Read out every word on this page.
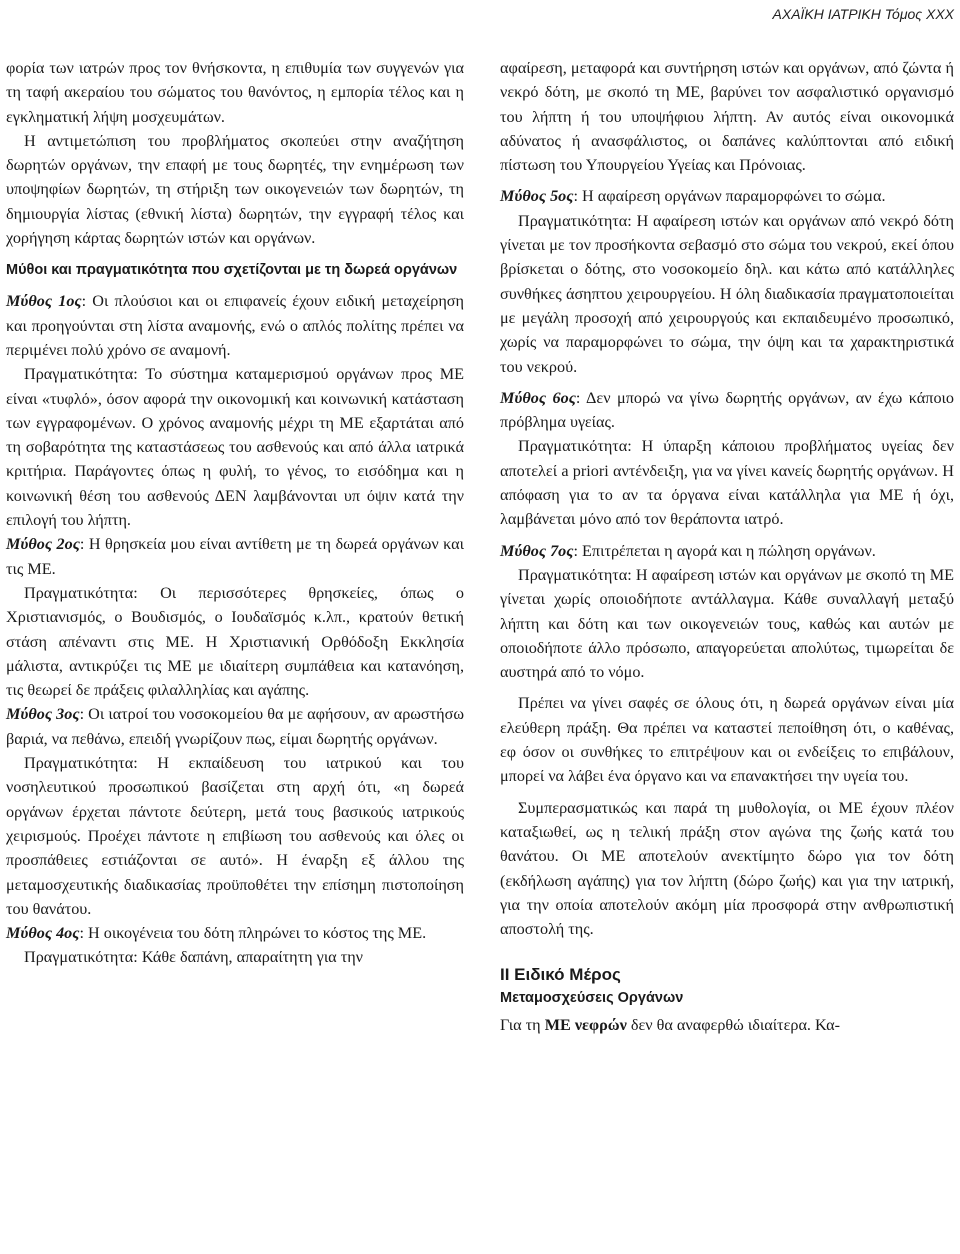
ΑΧΑΪΚΗ ΙΑΤΡΙΚΗ Τόμος ΧΧΧ

φορία των ιατρών προς τον θνήσκοντα, η επιθυμία των συγγενών για τη ταφή ακεραίου του σώματος του θανόντος, η εμπορία τέλος και η εγκληματική λήψη μοσχευμάτων.

Η αντιμετώπιση του προβλήματος σκοπεύει στην αναζήτηση δωρητών οργάνων, την επαφή με τους δωρητές, την ενημέρωση των υποψηφίων δωρητών, τη στήριξη των οικογενειών των δωρητών, τη δημιουργία λίστας (εθνική λίστα) δωρητών, την εγγραφή τέλος και χορήγηση κάρτας δωρητών ιστών και οργάνων.

Μύθοι και πραγματικότητα που σχετίζονται με τη δωρεά οργάνων

Μύθος 1ος: Οι πλούσιοι και οι επιφανείς έχουν ειδική μεταχείρηση και προηγούνται στη λίστα αναμονής, ενώ ο απλός πολίτης πρέπει να περιμένει πολύ χρόνο σε αναμονή.

Πραγματικότητα: Το σύστημα καταμερισμού οργάνων προς ΜΕ είναι «τυφλό», όσον αφορά την οικονομική και κοινωνική κατάσταση των εγγραφομένων. Ο χρόνος αναμονής μέχρι τη ΜΕ εξαρτάται από τη σοβαρότητα της καταστάσεως του ασθενούς και από άλλα ιατρικά κριτήρια. Παράγοντες όπως η φυλή, το γένος, το εισόδημα και η κοινωνική θέση του ασθενούς ΔΕΝ λαμβάνονται υπ όψιν κατά την επιλογή του λήπτη.

Μύθος 2ος: Η θρησκεία μου είναι αντίθετη με τη δωρεά οργάνων και τις ΜΕ.

Πραγματικότητα: Οι περισσότερες θρησκείες, όπως ο Χριστιανισμός, ο Βουδισμός, ο Ιουδαϊσμός κ.λπ., κρατούν θετική στάση απέναντι στις ΜΕ. Η Χριστιανική Ορθόδοξη Εκκλησία μάλιστα, αντικρύζει τις ΜΕ με ιδιαίτερη συμπάθεια και κατανόηση, τις θεωρεί δε πράξεις φιλαλληλίας και αγάπης.

Μύθος 3ος: Οι ιατροί του νοσοκομείου θα με αφήσουν, αν αρωστήσω βαριά, να πεθάνω, επειδή γνωρίζουν πως, είμαι δωρητής οργάνων.

Πραγματικότητα: Η εκπαίδευση του ιατρικού και του νοσηλευτικού προσωπικού βασίζεται στη αρχή ότι, «η δωρεά οργάνων έρχεται πάντοτε δεύτερη, μετά τους βασικούς ιατρικούς χειρισμούς. Προέχει πάντοτε η επιβίωση του ασθενούς και όλες οι προσπάθειες εστιάζονται σε αυτό». Η έναρξη εξ άλλου της μεταμοσχευτικής διαδικασίας προϋποθέτει την επίσημη πιστοποίηση του θανάτου.

Μύθος 4ος: Η οικογένεια του δότη πληρώνει το κόστος της ΜΕ.

Πραγματικότητα: Κάθε δαπάνη, απαραίτητη για την

αφαίρεση, μεταφορά και συντήρηση ιστών και οργάνων, από ζώντα ή νεκρό δότη, με σκοπό τη ΜΕ, βαρύνει τον ασφαλιστικό οργανισμό του λήπτη ή του υποψήφιου λήπτη. Αν αυτός είναι οικονομικά αδύνατος ή ανασφάλιστος, οι δαπάνες καλύπτονται από ειδική πίστωση του Υπουργείου Υγείας και Πρόνοιας.

Μύθος 5ος: Η αφαίρεση οργάνων παραμορφώνει το σώμα.

Πραγματικότητα: Η αφαίρεση ιστών και οργάνων από νεκρό δότη γίνεται με τον προσήκοντα σεβασμό στο σώμα του νεκρού, εκεί όπου βρίσκεται ο δότης, στο νοσοκομείο δηλ. και κάτω από κατάλληλες συνθήκες άσηπτου χειρουργείου. Η όλη διαδικασία πραγματοποιείται με μεγάλη προσοχή από χειρουργούς και εκπαιδευμένο προσωπικό, χωρίς να παραμορφώνει το σώμα, την όψη και τα χαρακτηριστικά του νεκρού.

Μύθος 6ος: Δεν μπορώ να γίνω δωρητής οργάνων, αν έχω κάποιο πρόβλημα υγείας.

Πραγματικότητα: Η ύπαρξη κάποιου προβλήματος υγείας δεν αποτελεί a priori αντένδειξη, για να γίνει κανείς δωρητής οργάνων. Η απόφαση για το αν τα όργανα είναι κατάλληλα για ΜΕ ή όχι, λαμβάνεται μόνο από τον θεράποντα ιατρό.

Μύθος 7ος: Επιτρέπεται η αγορά και η πώληση οργάνων.

Πραγματικότητα: Η αφαίρεση ιστών και οργάνων με σκοπό τη ΜΕ γίνεται χωρίς οποιοδήποτε αντάλλαγμα. Κάθε συναλλαγή μεταξύ λήπτη και δότη και των οικογενειών τους, καθώς και αυτών με οποιοδήποτε άλλο πρόσωπο, απαγορεύεται απολύτως, τιμωρείται δε αυστηρά από το νόμο.

Πρέπει να γίνει σαφές σε όλους ότι, η δωρεά οργάνων είναι μία ελεύθερη πράξη. Θα πρέπει να καταστεί πεποίθηση ότι, ο καθένας, εφ όσον οι συνθήκες το επιτρέψουν και οι ενδείξεις το επιβάλουν, μπορεί να λάβει ένα όργανο και να επανακτήσει την υγεία του.

Συμπερασματικώς και παρά τη μυθολογία, οι ΜΕ έχουν πλέον καταξιωθεί, ως η τελική πράξη στον αγώνα της ζωής κατά του θανάτου. Οι ΜΕ αποτελούν ανεκτίμητο δώρο για τον δότη (εκδήλωση αγάπης) για τον λήπτη (δώρο ζωής) και για την ιατρική, για την οποία αποτελούν ακόμη μία προσφορά στην ανθρωπιστική αποστολή της.

ΙΙ Ειδικό Μέρος
Μεταμοσχεύσεις Οργάνων

Για τη ΜΕ νεφρών δεν θα αναφερθώ ιδιαίτερα. Κα-
